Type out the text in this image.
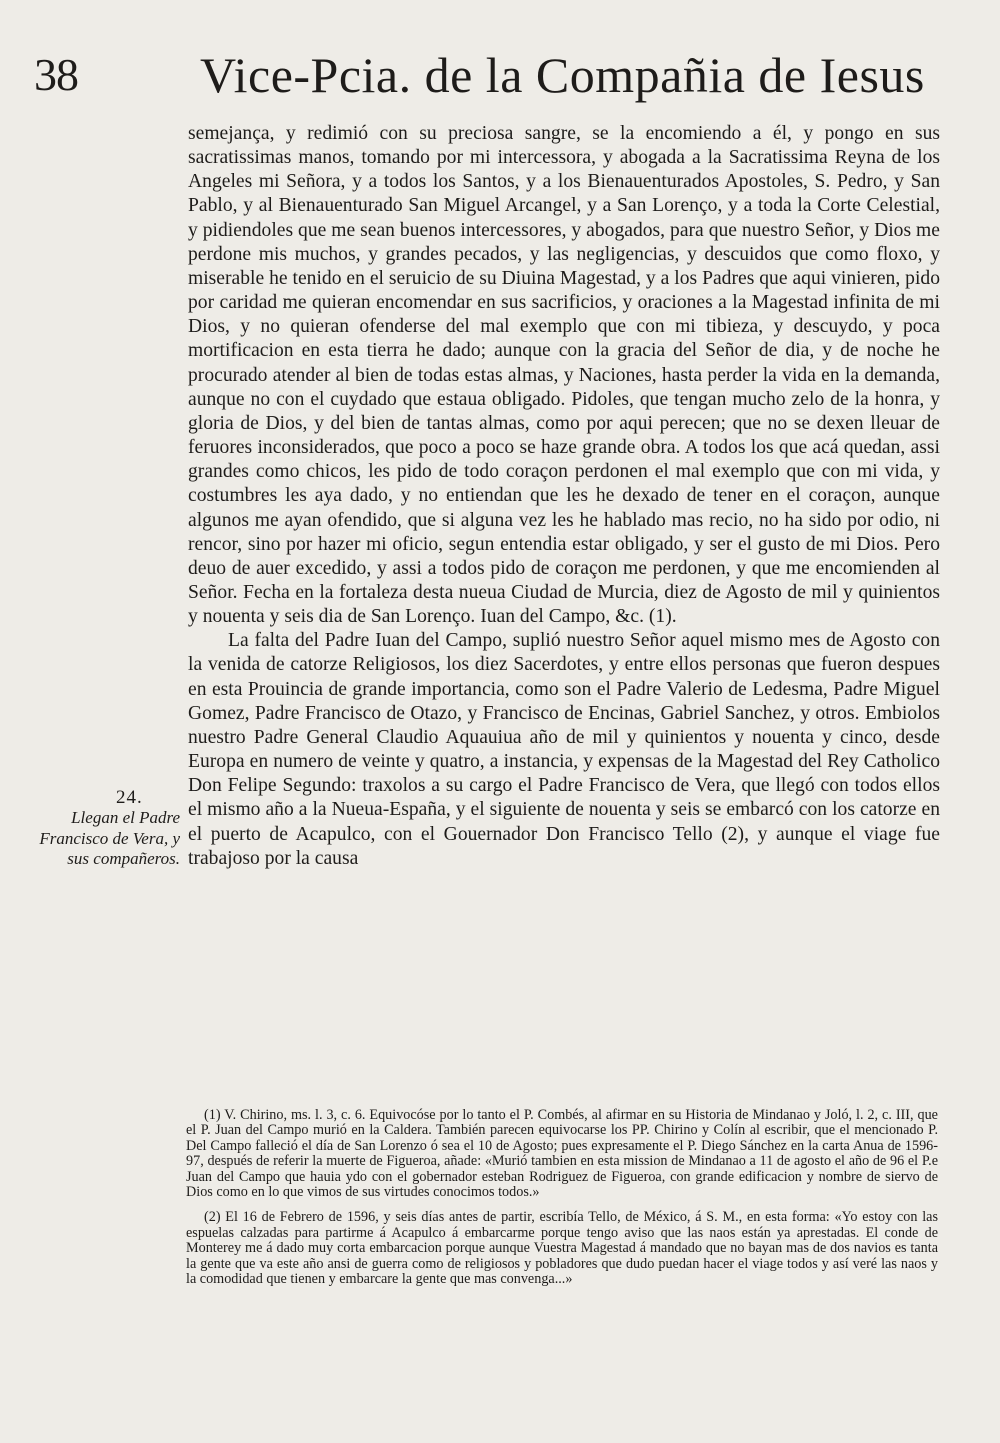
38 Vice-Pcia. de la Compañia de Iesus

semejança, y redimió con su preciosa sangre, se la encomiendo a él, y pongo en sus sacratissimas manos, tomando por mi intercessora, y abogada a la Sacratissima Reyna de los Angeles mi Señora, y a todos los Santos, y a los Bienauenturados Apostoles, S. Pedro, y San Pablo, y al Bienauenturado San Miguel Arcangel, y a San Lorenço, y a toda la Corte Celestial, y pidiendoles que me sean buenos intercessores, y abogados, para que nuestro Señor, y Dios me perdone mis muchos, y grandes pecados, y las negligencias, y descuidos que como floxo, y miserable he tenido en el seruicio de su Diuina Magestad, y a los Padres que aqui vinieren, pido por caridad me quieran encomendar en sus sacrificios, y oraciones a la Magestad infinita de mi Dios, y no quieran ofenderse del mal exemplo que con mi tibieza, y descuydo, y poca mortificacion en esta tierra he dado; aunque con la gracia del Señor de dia, y de noche he procurado atender al bien de todas estas almas, y Naciones, hasta perder la vida en la demanda, aunque no con el cuydado que estaua obligado. Pidoles, que tengan mucho zelo de la honra, y gloria de Dios, y del bien de tantas almas, como por aqui perecen; que no se dexen lleuar de feruores inconsiderados, que poco a poco se haze grande obra. A todos los que acá quedan, assi grandes como chicos, les pido de todo coraçon perdonen el mal exemplo que con mi vida, y costumbres les aya dado, y no entiendan que les he dexado de tener en el coraçon, aunque algunos me ayan ofendido, que si alguna vez les he hablado mas recio, no ha sido por odio, ni rencor, sino por hazer mi oficio, segun entendia estar obligado, y ser el gusto de mi Dios. Pero deuo de auer excedido, y assi a todos pido de coraçon me perdonen, y que me encomienden al Señor. Fecha en la fortaleza desta nueua Ciudad de Murcia, diez de Agosto de mil y quinientos y nouenta y seis dia de San Lorenço. Iuan del Campo, &c. (1).

La falta del Padre Iuan del Campo, suplió nuestro Señor aquel mismo mes de Agosto con la venida de catorze Religiosos, los diez Sacerdotes, y entre ellos personas que fueron despues en esta Prouincia de grande importancia, como son el Padre Valerio de Ledesma, Padre Miguel Gomez, Padre Francisco de Otazo, y Francisco de Encinas, Gabriel Sanchez, y otros. Embiolos nuestro Padre General Claudio Aquauiua año de mil y quinientos y nouenta y cinco, desde Europa en numero de veinte y quatro, a instancia, y expensas de la Magestad del Rey Catholico Don Felipe Segundo: traxolos a su cargo el Padre Francisco de Vera, que llegó con todos ellos el mismo año a la Nueua-España, y el siguiente de nouenta y seis se embarcó con los catorze en el puerto de Acapulco, con el Gouernador Don Francisco Tello (2), y aunque el viage fue trabajoso por la causa

24.
Llegan el Padre Francisco de Vera, y sus compañeros.

(1) V. Chirino, ms. l. 3, c. 6. Equivocóse por lo tanto el P. Combés, al afirmar en su Historia de Mindanao y Joló, l. 2, c. III, que el P. Juan del Campo murió en la Caldera. También parecen equivocarse los PP. Chirino y Colín al escribir, que el mencionado P. Del Campo falleció el día de San Lorenzo ó sea el 10 de Agosto; pues expresamente el P. Diego Sánchez en la carta Anua de 1596-97, después de referir la muerte de Figueroa, añade: «Murió tambien en esta mission de Mindanao a 11 de agosto el año de 96 el P.e Juan del Campo que hauia ydo con el gobernador esteban Rodriguez de Figueroa, con grande edificacion y nombre de siervo de Dios como en lo que vimos de sus virtudes conocimos todos.»

(2) El 16 de Febrero de 1596, y seis días antes de partir, escribía Tello, de México, á S. M., en esta forma: «Yo estoy con las espuelas calzadas para partirme á Acapulco á embarcarme porque tengo aviso que las naos están ya aprestadas. El conde de Monterey me á dado muy corta embarcacion porque aunque Vuestra Magestad á mandado que no bayan mas de dos navios es tanta la gente que va este año ansi de guerra como de religiosos y pobladores que dudo puedan hacer el viage todos y así veré las naos y la comodidad que tienen y embarcare la gente que mas convenga...»
